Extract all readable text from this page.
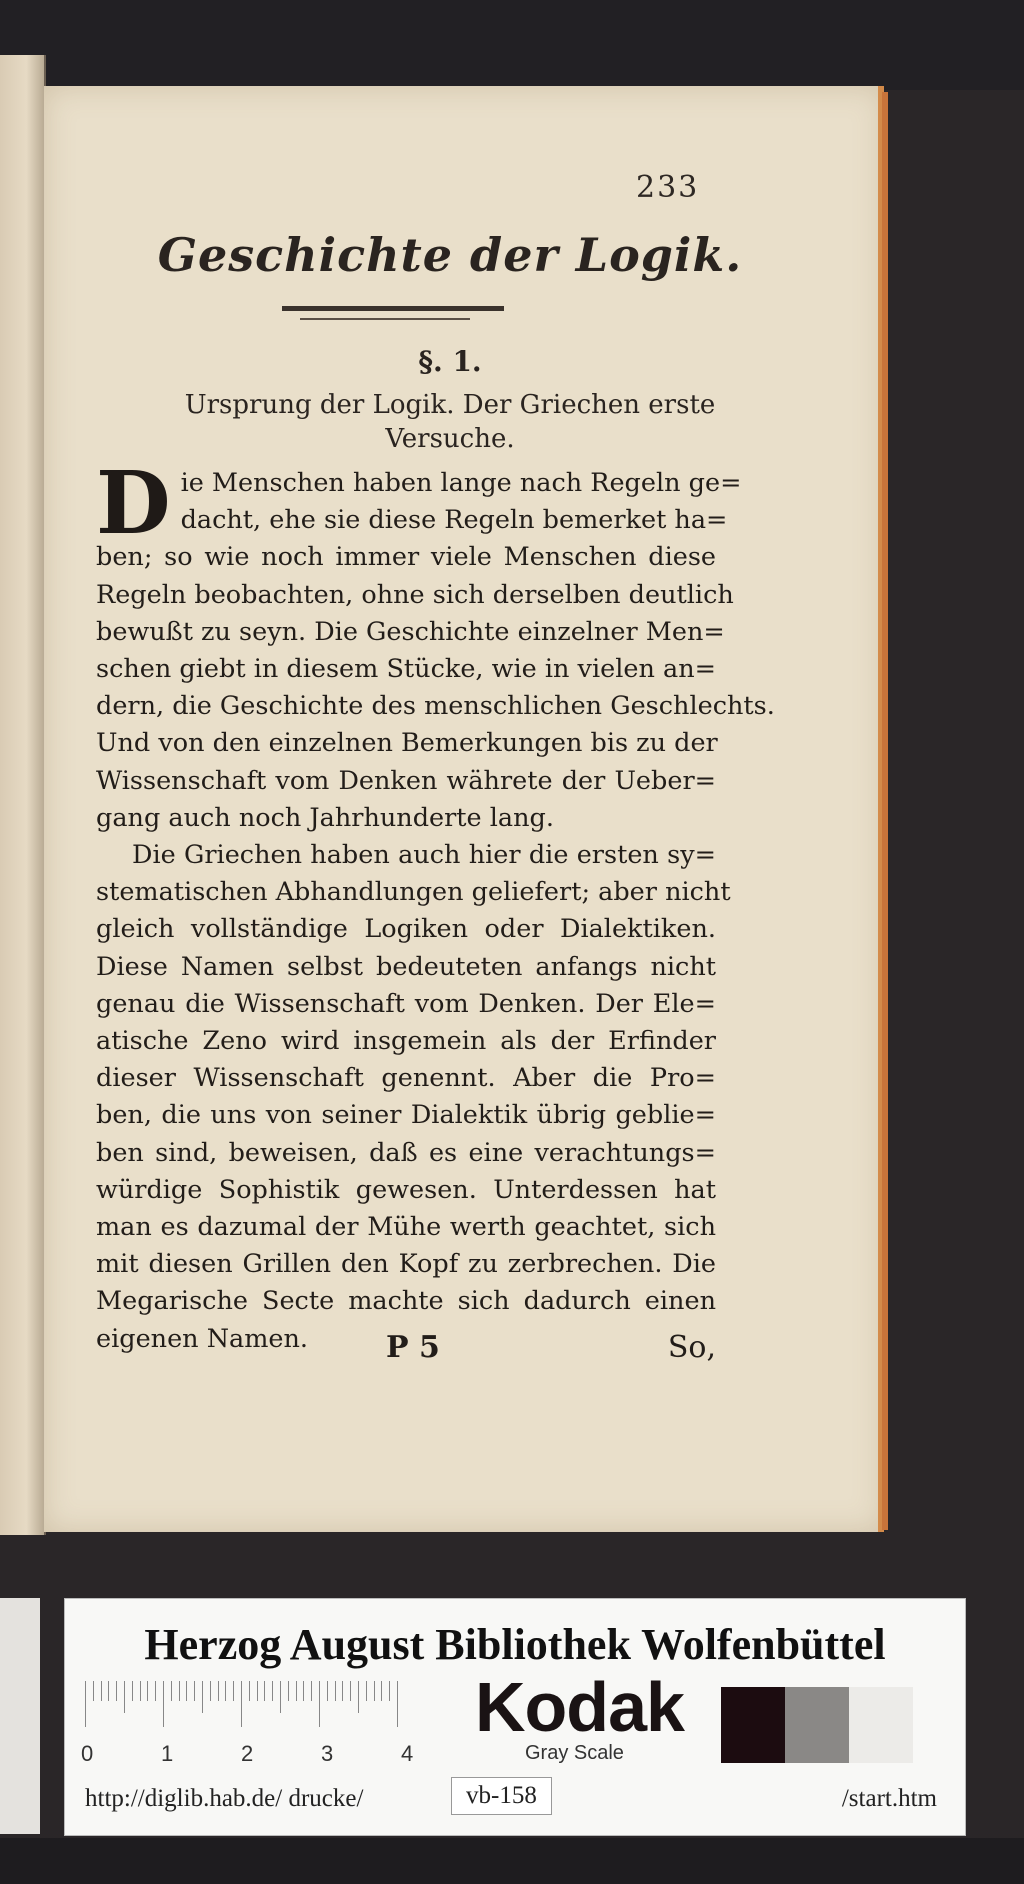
233
Geschichte der Logik.
§. 1.
Ursprung der Logik. Der Griechen erste
Versuche.
D ie Menschen haben lange nach Regeln ge=
dacht, ehe sie diese Regeln bemerket ha=
ben; so wie noch immer viele Menschen diese
Regeln beobachten, ohne sich derselben deutlich
bewußt zu seyn. Die Geschichte einzelner Men=
schen giebt in diesem Stücke, wie in vielen an=
dern, die Geschichte des menschlichen Geschlechts.
Und von den einzelnen Bemerkungen bis zu der
Wissenschaft vom Denken währete der Ueber=
gang auch noch Jahrhunderte lang.
Die Griechen haben auch hier die ersten sy=
stematischen Abhandlungen geliefert; aber nicht
gleich vollständige Logiken oder Dialektiken.
Diese Namen selbst bedeuteten anfangs nicht
genau die Wissenschaft vom Denken. Der Ele=
atische Zeno wird insgemein als der Erfinder
dieser Wissenschaft genennt. Aber die Pro=
ben, die uns von seiner Dialektik übrig geblie=
ben sind, beweisen, daß es eine verachtungs=
würdige Sophistik gewesen. Unterdessen hat
man es dazumal der Mühe werth geachtet, sich
mit diesen Grillen den Kopf zu zerbrechen. Die
Megarische Secte machte sich dadurch einen
eigenen Namen.	P 5	So,
Herzog August Bibliothek Wolfenbüttel
0	1	2	3	4
Kodak
Gray Scale
http://diglib.hab.de/ drucke/	vb-158	/start.htm
